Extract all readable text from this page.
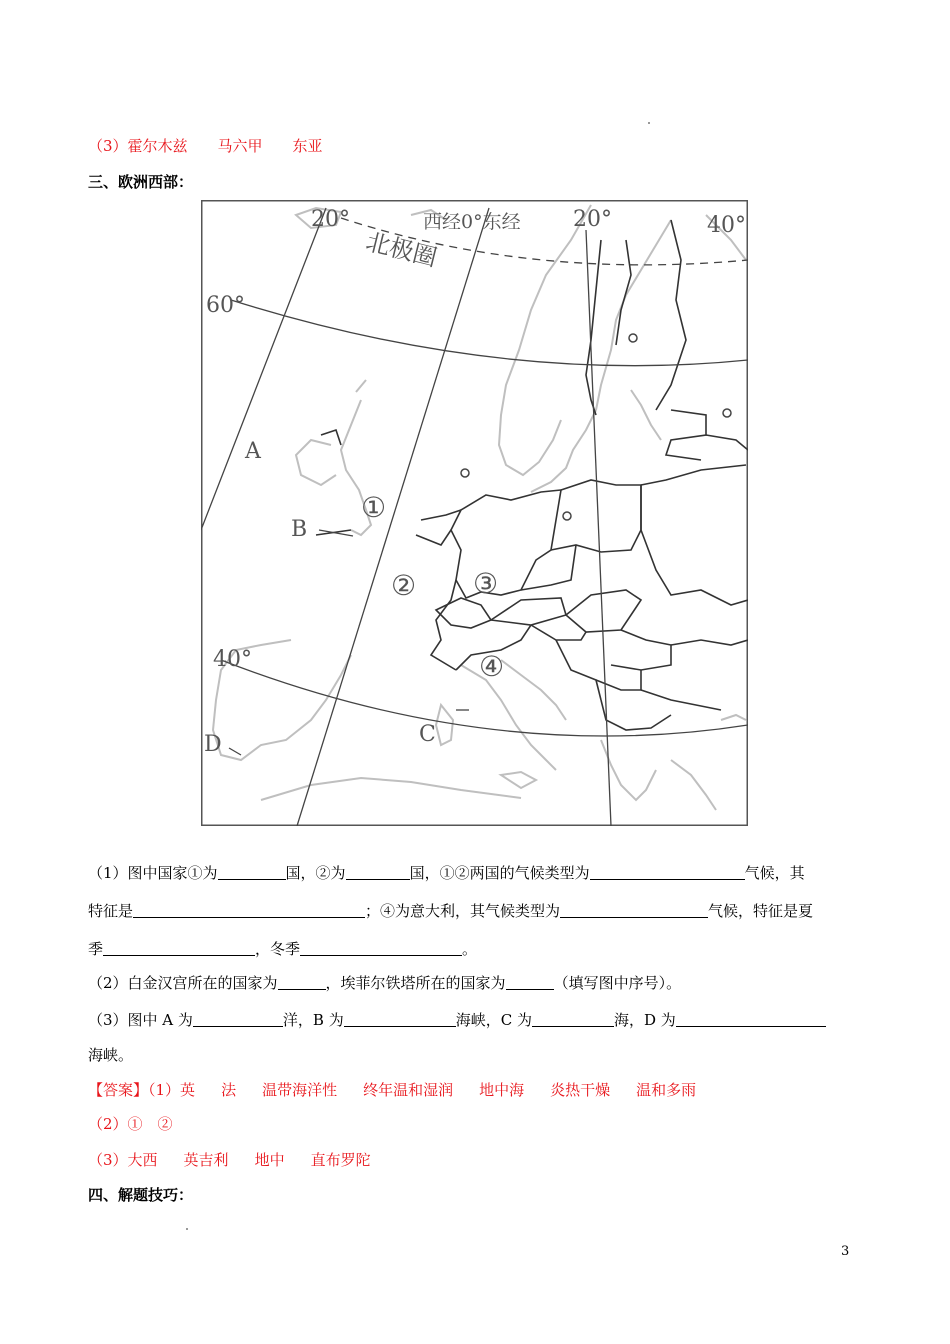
（3）霍尔木兹　　马六甲　　东亚
三、欧洲西部：
20°	西经0°东经 20°	40°
北极圈
60°
40°
A
B
C
D
①
② ③
④
（1）图中国家①为	国，②为	国，①②两国的气候类型为	气候，其
特征是	；④为意大利，其气候类型为	气候，特征是夏
季	，冬季	。
（2）白金汉宫所在的国家为	，埃菲尔铁塔所在的国家为	（填写图中序号）。
（3）图中 A 为	洋，B 为	海峡，C 为	海，D 为
海峡。
【答案】（1）英 法 温带海洋性 终年温和湿润 地中海 炎热干燥 温和多雨
（2）①　②
（3）大西 英吉利 地中 直布罗陀
四、解题技巧：
3
